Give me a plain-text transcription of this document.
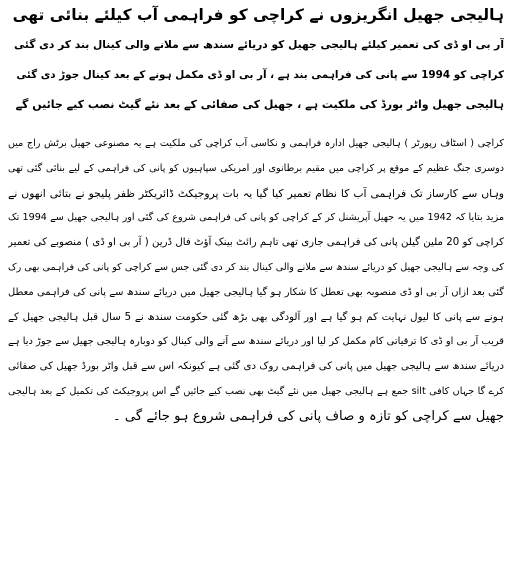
ہالیجی جھیل انگریزوں نے کراچی کو فراہمی آب کیلئے بنائی تھی
آر بی او ڈی کی تعمیر کیلئے ہالیجی جھیل کو دریائے سندھ سے ملانے والی کینال بند کر دی گئی
کراچی کو 1994 سے پانی کی فراہمی بند ہے ، آر بی او ڈی مکمل ہونے کے بعد کینال جوڑ دی گئی
ہالیجی جھیل واٹر بورڈ کی ملکیت ہے ، جھیل کی صفائی کے بعد نئے گیٹ نصب کیے جائیں گے
کراچی ( اسٹاف رپورٹر ) ہالیجی جھیل ادارہ فراہمی و نکاسی آب کراچی کی ملکیت ہے یہ مصنوعی جھیل برٹش راج میں
دوسری جنگ عظیم کے موقع پر کراچی میں مقیم برطانوی اور امریکی سپاہیوں کو پانی کی فراہمی کے لیے بنائی گئی تھی
وہاں سے کارساز تک فراہمی آب کا نظام تعمیر کیا گیا یہ بات پروجیکٹ ڈائریکٹر ظفر پلیجو نے بتائی انھوں نے
مزید بتایا کہ 1942 میں یہ جھیل آپریشنل کر کے کراچی کو پانی کی فراہمی شروع کی گئی اور ہالیجی جھیل سے 1994 تک
کراچی کو 20 ملین گیلن پانی کی فراہمی جاری تھی تاہم رائٹ بینک آؤٹ فال ڈرین ( آر بی او ڈی ) منصوبے کی تعمیر
کی وجہ سے ہالیجی جھیل کو دریائے سندھ سے ملانے والی کینال بند کر دی گئی جس سے کراچی کو پانی کی فراہمی بھی رک
گئی بعد ازاں آر بی او ڈی منصوبہ بھی تعطل کا شکار ہو گیا ہالیجی جھیل میں دریائے سندھ سے پانی کی فراہمی معطل
ہونے سے پانی کا لیول نہایت کم ہو گیا ہے اور آلودگی بھی بڑھ گئی حکومت سندھ نے 5 سال قبل ہالیجی جھیل کے
قریب آر بی او ڈی کا ترقیاتی کام مکمل کر لیا اور دریائے سندھ سے آنے والی کینال کو دوبارہ ہالیجی جھیل سے جوڑ دیا ہے
دریائے سندھ سے ہالیجی جھیل میں پانی کی فراہمی روک دی گئی ہے کیونکہ اس سے قبل واٹر بورڈ جھیل کی صفائی
کرے گا جہاں کافی silt جمع ہے ہالیجی جھیل میں نئے گیٹ بھی نصب کیے جائیں گے اس پروجیکٹ کی تکمیل کے بعد ہالیجی
جھیل سے کراچی کو تازہ و صاف پانی کی فراہمی شروع ہو جائے گی ۔
